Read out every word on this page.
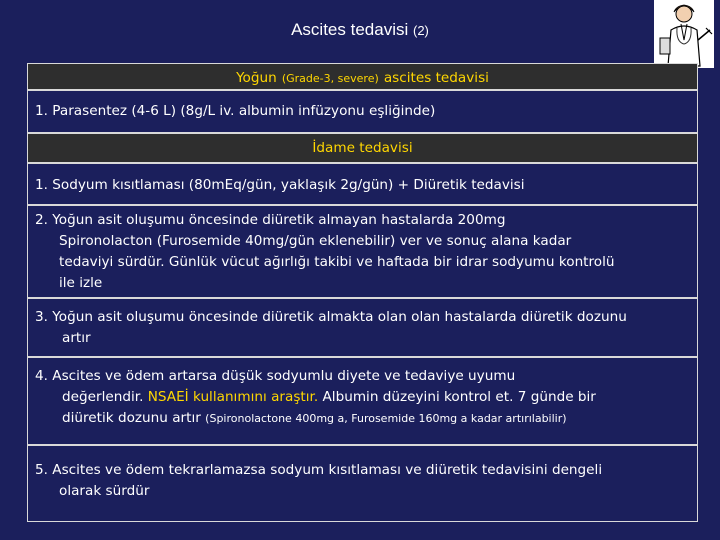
Ascites tedavisi (2)
Yoğun (Grade-3, severe) ascites tedavisi
1. Parasentez (4-6 L) (8g/L iv. albumin infüzyonu eşliğinde)
İdame tedavisi
1. Sodyum kısıtlaması (80mEq/gün, yaklaşık 2g/gün) + Diüretik tedavisi
2. Yoğun asit oluşumu öncesinde diüretik almayan hastalarda 200mg
Spironolacton (Furosemide 40mg/gün eklenebilir) ver ve sonuç alana kadar
tedaviyi sürdür. Günlük vücut ağırlığı takibi ve haftada bir idrar sodyumu kontrolü
ile izle
3. Yoğun asit oluşumu öncesinde diüretik almakta olan olan hastalarda diüretik dozunu
artır
4. Ascites ve ödem artarsa düşük sodyumlu diyete ve tedaviye uyumu
değerlendir. NSAEİ kullanımını araştır. Albumin düzeyini kontrol et. 7 günde bir
diüretik dozunu artır (Spironolactone 400mg a, Furosemide 160mg a kadar artırılabilir)
5. Ascites ve ödem tekrarlamazsa sodyum kısıtlaması ve diüretik tedavisini dengeli
olarak sürdür
